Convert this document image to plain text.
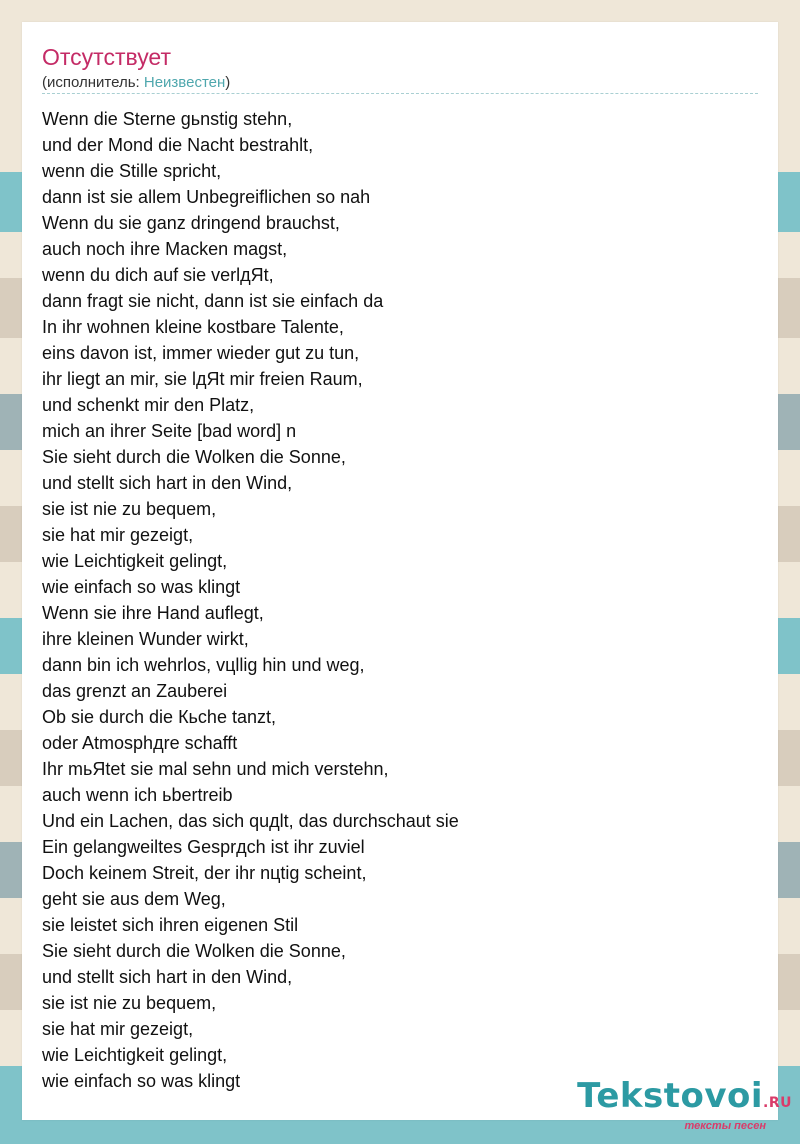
Отсутствует
(исполнитель: Неизвестен)
Wenn die Sterne gьnstig stehn,
und der Mond die Nacht bestrahlt,
wenn die Stille spricht,
dann ist sie allem Unbegreiflichen so nah
Wenn du sie ganz dringend brauchst,
auch noch ihre Macken magst,
wenn du dich auf sie verlдЯt,
dann fragt sie nicht, dann ist sie einfach da
In ihr wohnen kleine kostbare Talente,
eins davon ist, immer wieder gut zu tun,
ihr liegt an mir, sie lдЯt mir freien Raum,
und schenkt mir den Platz,
mich an ihrer Seite [bad word] n
Sie sieht durch die Wolken die Sonne,
und stellt sich hart in den Wind,
sie ist nie zu bequem,
sie hat mir gezeigt,
wie Leichtigkeit gelingt,
wie einfach so was klingt
Wenn sie ihre Hand auflegt,
ihre kleinen Wunder wirkt,
dann bin ich wehrlos, vцllig hin und weg,
das grenzt an Zauberei
Ob sie durch die Кьche tanzt,
oder Atmosphдre schafft
Ihr mьЯtet sie mal sehn und mich verstehn,
auch wenn ich ьbertreib
Und ein Lachen, das sich quдlt, das durchschaut sie
Ein gelangweiltes Gesprдch ist ihr zuviel
Doch keinem Streit, der ihr nцtig scheint,
geht sie aus dem Weg,
sie leistet sich ihren eigenen Stil
Sie sieht durch die Wolken die Sonne,
und stellt sich hart in den Wind,
sie ist nie zu bequem,
sie hat mir gezeigt,
wie Leichtigkeit gelingt,
wie einfach so was klingt	Tekstovoi.RU
тексты песен
